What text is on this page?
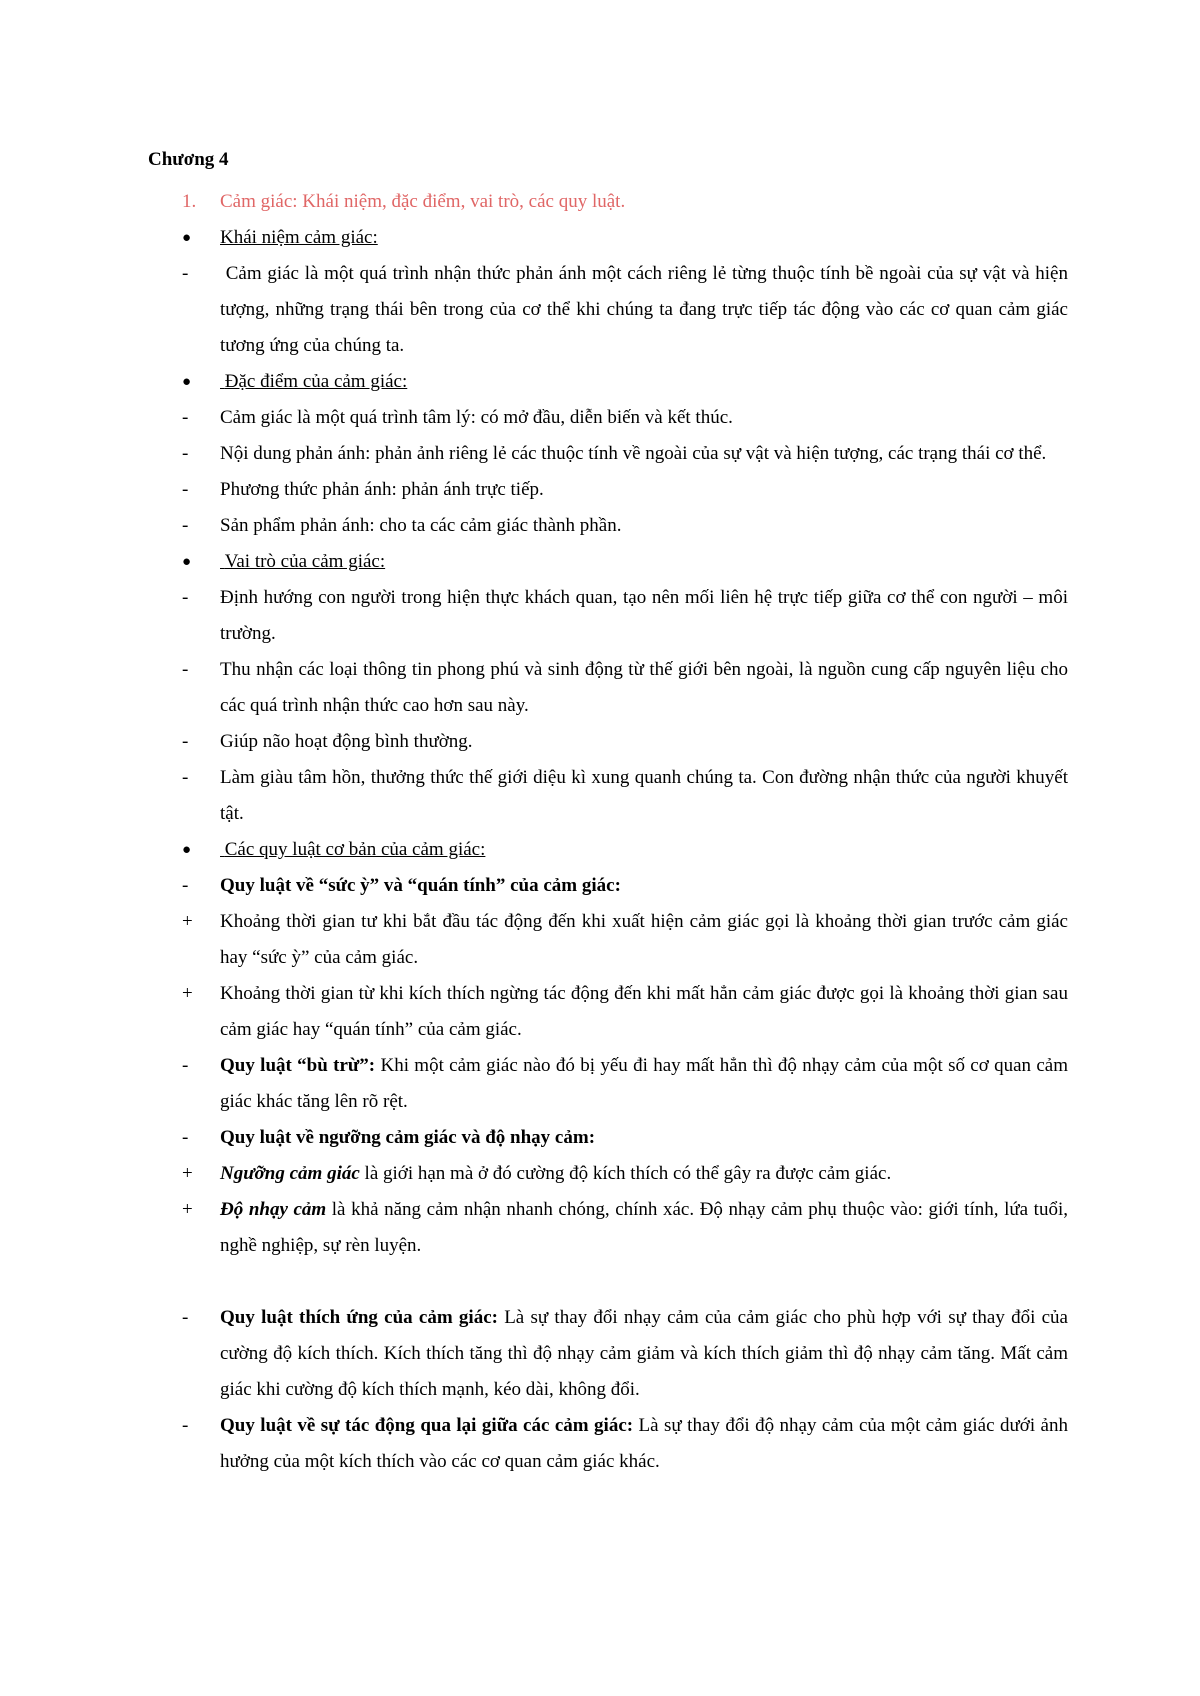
Chương 4
1.	Cảm giác: Khái niệm, đặc điểm, vai trò, các quy luật.
●	Khái niệm cảm giác:
-	Cảm giác là một quá trình nhận thức phản ánh một cách riêng lẻ từng thuộc tính bề ngoài của sự vật và hiện tượng, những trạng thái bên trong của cơ thể khi chúng ta đang trực tiếp tác động vào các cơ quan cảm giác tương ứng của chúng ta.
●	Đặc điểm của cảm giác:
-	Cảm giác là một quá trình tâm lý: có mở đầu, diễn biến và kết thúc.
-	Nội dung phản ánh: phản ảnh riêng lẻ các thuộc tính về ngoài của sự vật và hiện tượng, các trạng thái cơ thể.
-	Phương thức phản ánh: phản ánh trực tiếp.
-	Sản phẩm phản ánh: cho ta các cảm giác thành phần.
●	Vai trò của cảm giác:
-	Định hướng con người trong hiện thực khách quan, tạo nên mối liên hệ trực tiếp giữa cơ thể con người – môi trường.
-	Thu nhận các loại thông tin phong phú và sinh động từ thế giới bên ngoài, là nguồn cung cấp nguyên liệu cho các quá trình nhận thức cao hơn sau này.
-	Giúp não hoạt động bình thường.
-	Làm giàu tâm hồn, thưởng thức thế giới diệu kì xung quanh chúng ta. Con đường nhận thức của người khuyết tật.
●	Các quy luật cơ bản của cảm giác:
-	Quy luật về “sức ỳ” và “quán tính” của cảm giác:
+	Khoảng thời gian tư khi bắt đầu tác động đến khi xuất hiện cảm giác gọi là khoảng thời gian trước cảm giác hay “sức ỳ” của cảm giác.
+	Khoảng thời gian từ khi kích thích ngừng tác động đến khi mất hẳn cảm giác được gọi là khoảng thời gian sau cảm giác hay “quán tính” của cảm giác.
-	Quy luật “bù trừ”: Khi một cảm giác nào đó bị yếu đi hay mất hẳn thì độ nhạy cảm của một số cơ quan cảm giác khác tăng lên rõ rệt.
-	Quy luật về ngưỡng cảm giác và độ nhạy cảm:
+	Ngưỡng cảm giác là giới hạn mà ở đó cường độ kích thích có thể gây ra được cảm giác.
+	Độ nhạy cảm là khả năng cảm nhận nhanh chóng, chính xác. Độ nhạy cảm phụ thuộc vào: giới tính, lứa tuổi, nghề nghiệp, sự rèn luyện.
-	Quy luật thích ứng của cảm giác: Là sự thay đổi nhạy cảm của cảm giác cho phù hợp với sự thay đổi của cường độ kích thích. Kích thích tăng thì độ nhạy cảm giảm và kích thích giảm thì độ nhạy cảm tăng. Mất cảm giác khi cường độ kích thích mạnh, kéo dài, không đổi.
-	Quy luật về sự tác động qua lại giữa các cảm giác: Là sự thay đổi độ nhạy cảm của một cảm giác dưới ảnh hưởng của một kích thích vào các cơ quan cảm giác khác.
